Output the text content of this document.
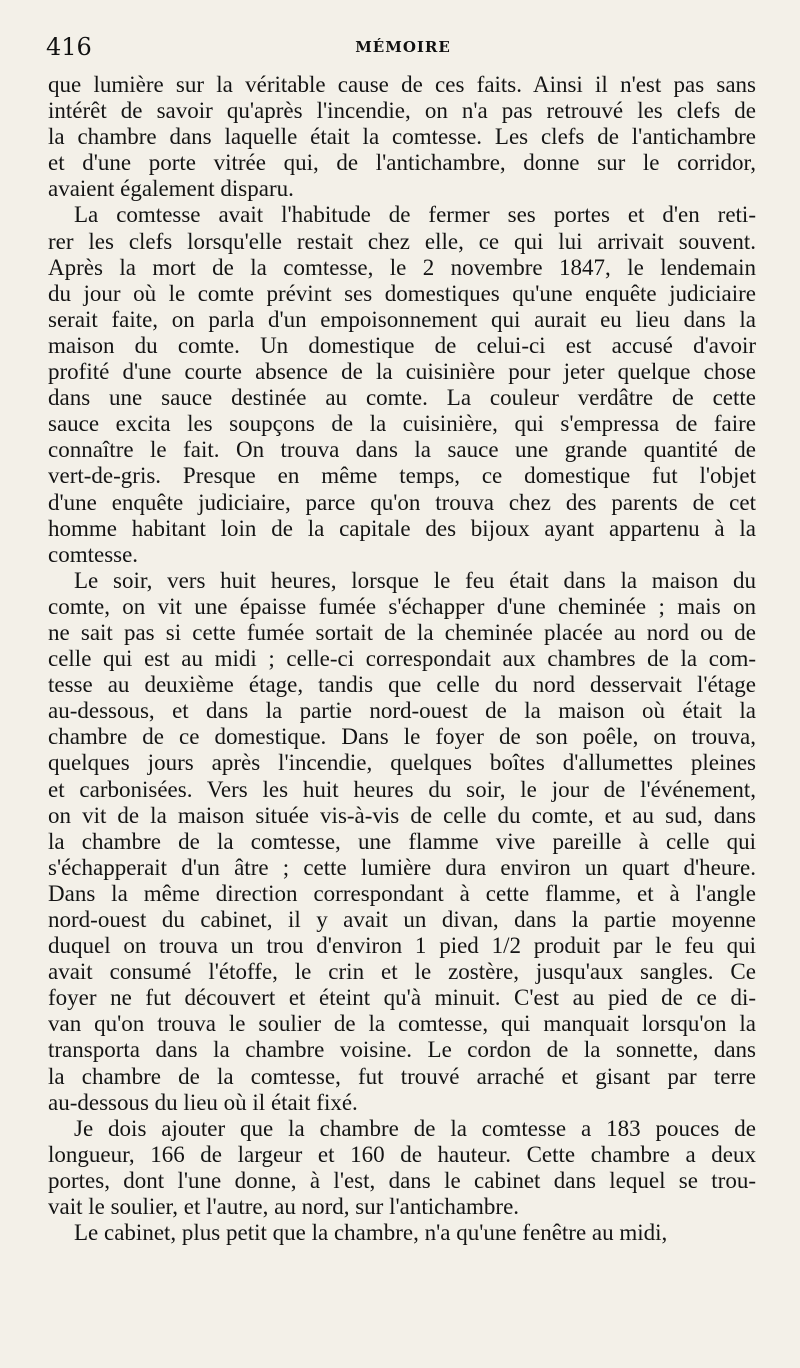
416	MÉMOIRE
que lumière sur la véritable cause de ces faits. Ainsi il n'est pas sans
intérêt de savoir qu'après l'incendie, on n'a pas retrouvé les clefs de
la chambre dans laquelle était la comtesse. Les clefs de l'antichambre
et d'une porte vitrée qui, de l'antichambre, donne sur le corridor,
avaient également disparu.
La comtesse avait l'habitude de fermer ses portes et d'en reti-
rer les clefs lorsqu'elle restait chez elle, ce qui lui arrivait souvent.
Après la mort de la comtesse, le 2 novembre 1847, le lendemain
du jour où le comte prévint ses domestiques qu'une enquête judiciaire
serait faite, on parla d'un empoisonnement qui aurait eu lieu dans la
maison du comte. Un domestique de celui-ci est accusé d'avoir
profité d'une courte absence de la cuisinière pour jeter quelque chose
dans une sauce destinée au comte. La couleur verdâtre de cette
sauce excita les soupçons de la cuisinière, qui s'empressa de faire
connaître le fait. On trouva dans la sauce une grande quantité de
vert-de-gris. Presque en même temps, ce domestique fut l'objet
d'une enquête judiciaire, parce qu'on trouva chez des parents de cet
homme habitant loin de la capitale des bijoux ayant appartenu à la
comtesse.
Le soir, vers huit heures, lorsque le feu était dans la maison du
comte, on vit une épaisse fumée s'échapper d'une cheminée ; mais on
ne sait pas si cette fumée sortait de la cheminée placée au nord ou de
celle qui est au midi ; celle-ci correspondait aux chambres de la com-
tesse au deuxième étage, tandis que celle du nord desservait l'étage
au-dessous, et dans la partie nord-ouest de la maison où était la
chambre de ce domestique. Dans le foyer de son poêle, on trouva,
quelques jours après l'incendie, quelques boîtes d'allumettes pleines
et carbonisées. Vers les huit heures du soir, le jour de l'événement,
on vit de la maison située vis-à-vis de celle du comte, et au sud, dans
la chambre de la comtesse, une flamme vive pareille à celle qui
s'échapperait d'un âtre ; cette lumière dura environ un quart d'heure.
Dans la même direction correspondant à cette flamme, et à l'angle
nord-ouest du cabinet, il y avait un divan, dans la partie moyenne
duquel on trouva un trou d'environ 1 pied 1/2 produit par le feu qui
avait consumé l'étoffe, le crin et le zostère, jusqu'aux sangles. Ce
foyer ne fut découvert et éteint qu'à minuit. C'est au pied de ce di-
van qu'on trouva le soulier de la comtesse, qui manquait lorsqu'on la
transporta dans la chambre voisine. Le cordon de la sonnette, dans
la chambre de la comtesse, fut trouvé arraché et gisant par terre
au-dessous du lieu où il était fixé.
Je dois ajouter que la chambre de la comtesse a 183 pouces de
longueur, 166 de largeur et 160 de hauteur. Cette chambre a deux
portes, dont l'une donne, à l'est, dans le cabinet dans lequel se trou-
vait le soulier, et l'autre, au nord, sur l'antichambre.
Le cabinet, plus petit que la chambre, n'a qu'une fenêtre au midi,
